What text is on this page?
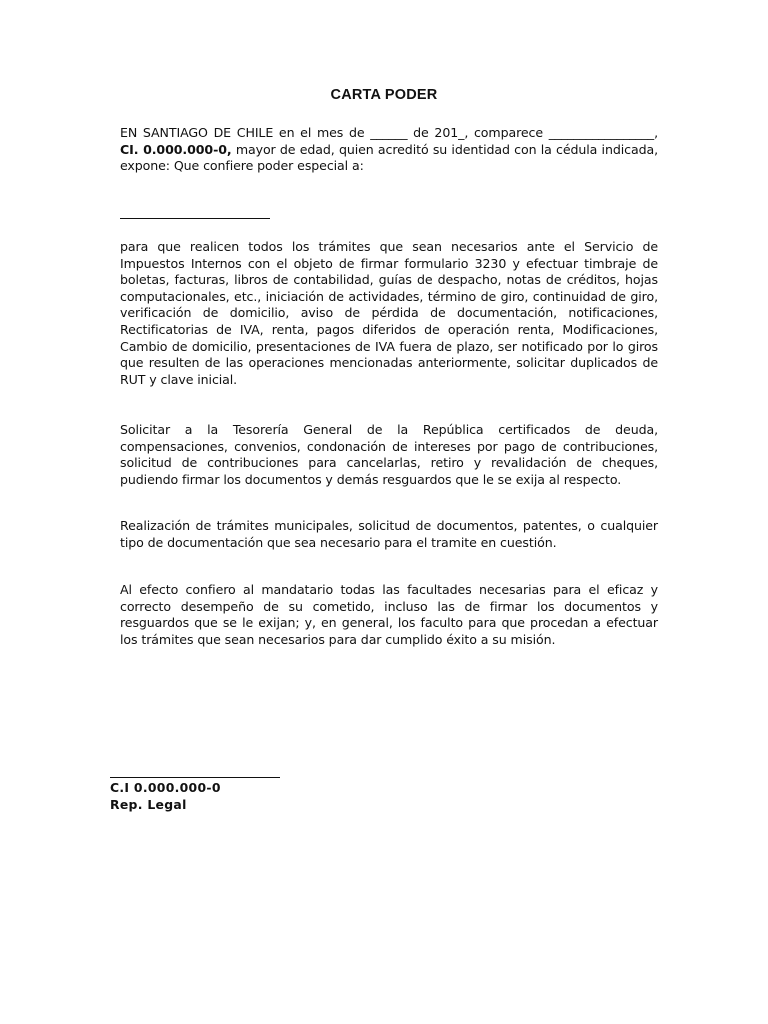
CARTA PODER

EN SANTIAGO DE CHILE en el mes de ______ de 201_, comparece _________________, CI. 0.000.000-0, mayor de edad, quien acreditó su identidad con la cédula indicada, expone: Que confiere poder especial a:

para que realicen todos los trámites que sean necesarios ante el Servicio de Impuestos Internos con el objeto de firmar formulario 3230 y efectuar timbraje de boletas, facturas, libros de contabilidad, guías de despacho, notas de créditos, hojas computacionales, etc., iniciación de actividades, término de giro, continuidad de giro, verificación de domicilio, aviso de pérdida de documentación, notificaciones, Rectificatorias de IVA, renta, pagos diferidos de operación renta, Modificaciones, Cambio de domicilio, presentaciones de IVA fuera de plazo, ser notificado por lo giros que resulten de las operaciones mencionadas anteriormente, solicitar duplicados de RUT y clave inicial.

Solicitar a la Tesorería General de la República certificados de deuda, compensaciones, convenios, condonación de intereses por pago de contribuciones, solicitud de contribuciones para cancelarlas, retiro y revalidación de cheques, pudiendo firmar los documentos y demás resguardos que le se exija al respecto.

Realización de trámites municipales, solicitud de documentos, patentes, o cualquier tipo de documentación que sea necesario para el tramite en cuestión.

Al efecto confiero al mandatario todas las facultades necesarias para el eficaz y correcto desempeño de su cometido, incluso las de firmar los documentos y resguardos que se le exijan; y, en general, los faculto para que procedan a efectuar los trámites que sean necesarios para dar cumplido éxito a su misión.

C.I 0.000.000-0
Rep. Legal
